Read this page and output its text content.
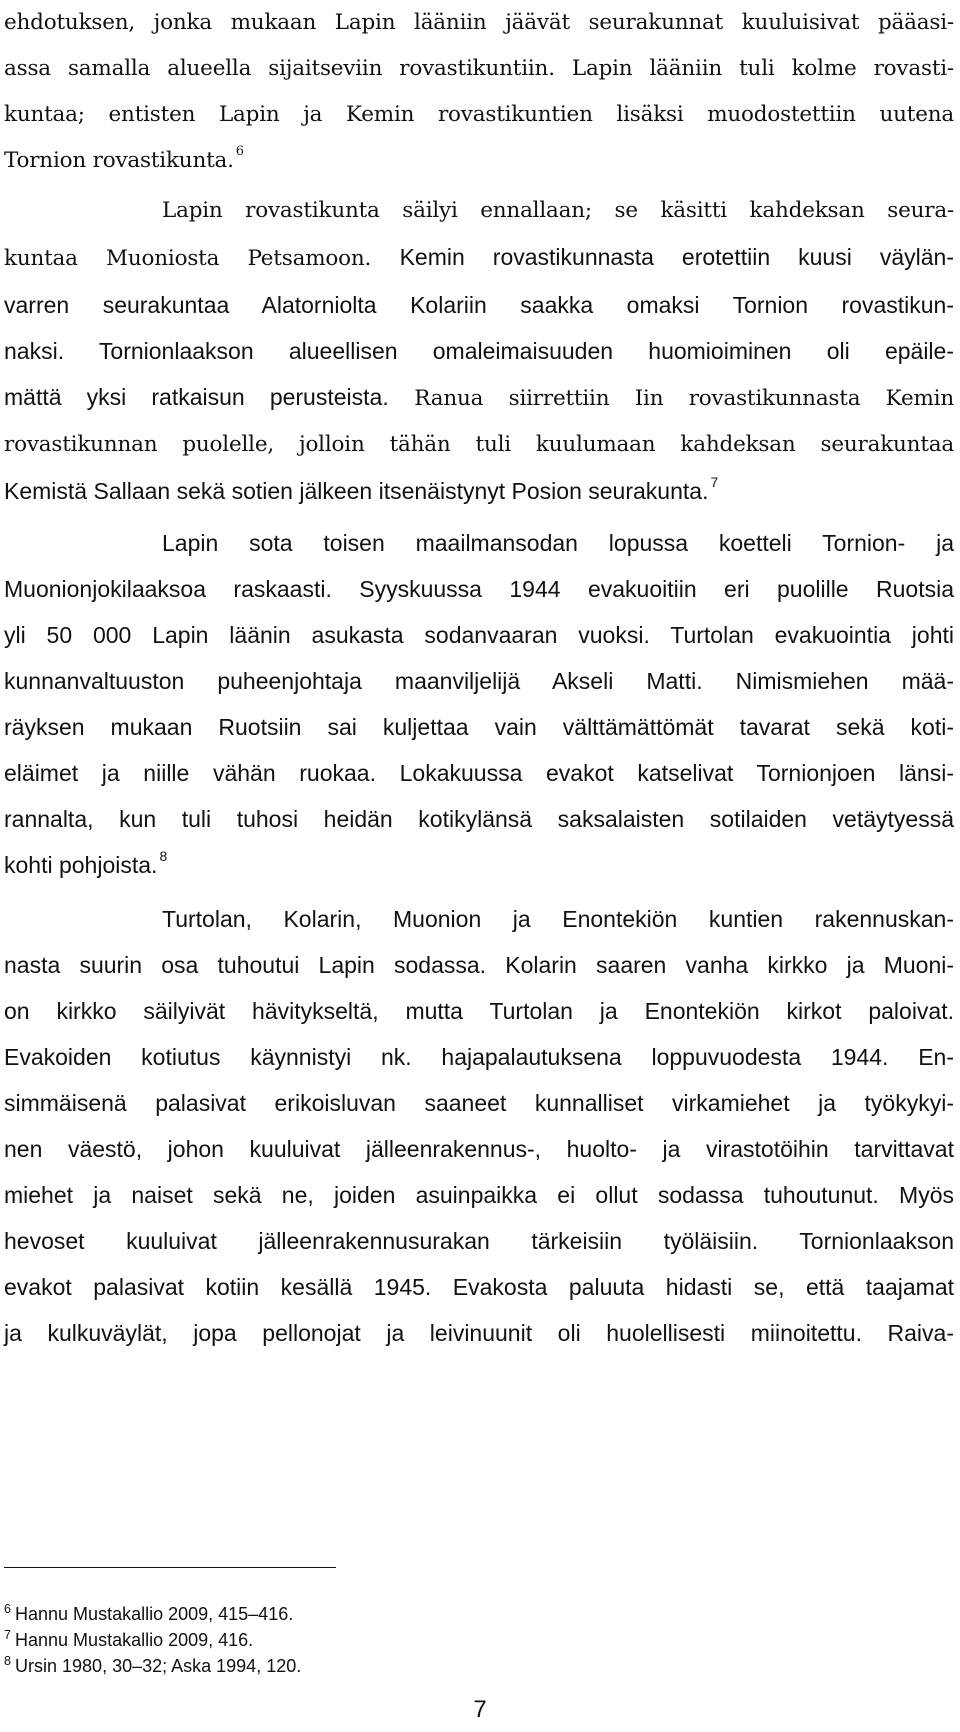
ehdotuksen, jonka mukaan Lapin lääniin jäävät seurakunnat kuuluisivat pääasi-
assa samalla alueella sijaitseviin rovastikuntiin. Lapin lääniin tuli kolme rovasti-
kuntaa; entisten Lapin ja Kemin rovastikuntien lisäksi muodostettiin uutena
Tornion rovastikunta. $^6$

Lapin rovastikunta säilyi ennallaan; se käsitti kahdeksan seura-
kuntaa Muoniosta Petsamoon. Kemin rovastikunnasta erotettiin kuusi väylän-
varren seurakuntaa Alatorniolta Kolariin saakka omaksi Tornion rovastikun-
naksi. Tornionlaakson alueellisen omaleimaisuuden huomioiminen oli epäile-
mättä yksi ratkaisun perusteista. Ranua siirrettiin Iin rovastikunnasta Kemin
rovastikunnan puolelle, jolloin tähän tuli kuulumaan kahdeksan seurakuntaa
Kemistä Sallaan sekä sotien jälkeen itsenäistynyt Posion seurakunta. $^7$

Lapin sota toisen maailmansodan lopussa koetteli Tornion- ja
Muonionjokilaaksoa raskaasti. Syyskuussa 1944 evakuoitiin eri puolille Ruotsia
yli 50 000 Lapin läänin asukasta sodanvaaran vuoksi. Turtolan evakuointia johti
kunnanvaltuuston puheenjohtaja maanviljelijä Akseli Matti. Nimismiehen mää-
räyksen mukaan Ruotsiin sai kuljettaa vain välttämättömät tavarat sekä koti-
eläimet ja niille vähän ruokaa. Lokakuussa evakot katselivat Tornionjoen länsi-
rannalta, kun tuli tuhosi heidän kotikylänsä saksalaisten sotilaiden vetäytyessä
kohti pohjoista. $^8$

Turtolan, Kolarin, Muonion ja Enontekiön kuntien rakennuskan-
nasta suurin osa tuhoutui Lapin sodassa. Kolarin saaren vanha kirkko ja Muoni-
on kirkko säilyivät hävitykseltä, mutta Turtolan ja Enontekiön kirkot paloivat.
Evakoiden kotiutus käynnistyi nk. hajapalautuksena loppuvuodesta 1944. En-
simmäisenä palasivat erikoisluvan saaneet kunnalliset virkamiehet ja työkykyi-
nen väestö, johon kuuluivat jälleenrakennus-, huolto- ja virastotöihin tarvittavat
miehet ja naiset sekä ne, joiden asuinpaikka ei ollut sodassa tuhoutunut. Myös
hevoset kuuluivat jälleenrakennusurakan tärkeisiin työläisiin. Tornionlaakson
evakot palasivat kotiin kesällä 1945. Evakosta paluuta hidasti se, että taajamat
ja kulkuväylät, jopa pellonojat ja leivinuunit oli huolellisesti miinoitettu. Raiva-

$^6$ Hannu Mustakallio 2009, 415–416.
$^7$ Hannu Mustakallio 2009, 416.
$^8$ Ursin 1980, 30–32; Aska 1994, 120.
7
